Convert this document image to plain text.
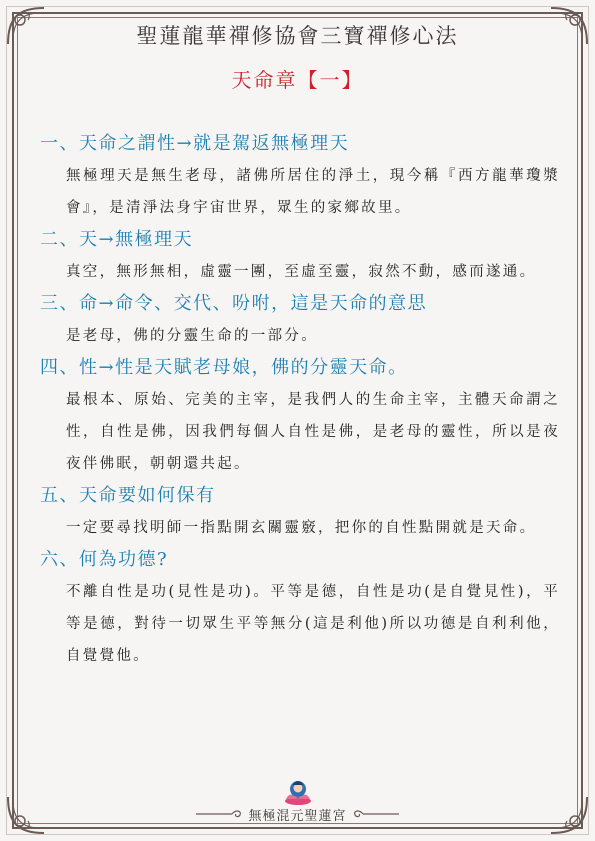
聖蓮龍華禪修協會三寶禪修心法
天命章【一】
一、天命之謂性→就是駕返無極理天
無極理天是無生老母，諸佛所居住的淨土，現今稱『西方龍華瓊漿會』，是清淨法身宇宙世界，眾生的家鄉故里。
二、天→無極理天
真空，無形無相，虛靈一團，至虛至靈，寂然不動，感而遂通。
三、命→命令、交代、吩咐，這是天命的意思
是老母，佛的分靈生命的一部分。
四、性→性是天賦老母娘，佛的分靈天命。
最根本、原始、完美的主宰，是我們人的生命主宰，主體天命謂之性，自性是佛，因我們每個人自性是佛，是老母的靈性，所以是夜夜伴佛眠，朝朝還共起。
五、天命要如何保有
一定要尋找明師一指點開玄關靈竅，把你的自性點開就是天命。
六、何為功德?
不離自性是功(見性是功)。平等是德，自性是功(是自覺見性)，平等是德，對待一切眾生平等無分(這是利他)所以功德是自利利他，自覺覺他。
無極混元聖蓮宮
